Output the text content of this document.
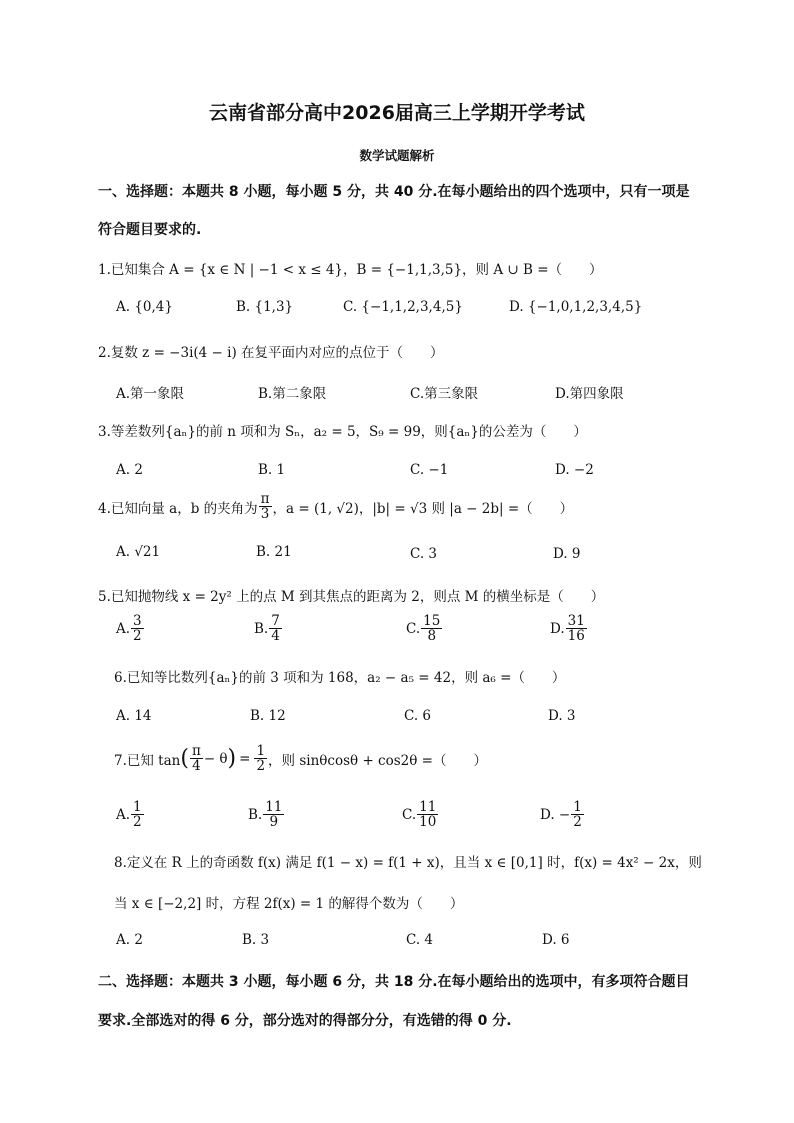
云南省部分高中2026届高三上学期开学考试
数学试题解析
一、选择题：本题共 8 小题，每小题 5 分，共 40 分.在每小题给出的四个选项中，只有一项是
符合题目要求的.
1.已知集合 A = {x ∈ N | −1 < x ≤ 4}，B = {−1,1,3,5}，则 A ∪ B =（　　）
A. {0,4}	B. {1,3}	C. {−1,1,2,3,4,5}	D. {−1,0,1,2,3,4,5}
2.复数 z = −3i(4 − i) 在复平面内对应的点位于（　　）
A.第一象限	B.第二象限	C.第三象限	D.第四象限
3.等差数列{aₙ}的前 n 项和为 Sₙ，a₂ = 5，S₉ = 99，则{aₙ}的公差为（　　）
A. 2	B. 1	C. −1	D. −2
4.已知向量 a，b 的夹角为 $\frac{\pi}{3}$ ，a = (1, √2)，|b| = √3 则 |a − 2b| =（　　）
A. √21	B. 21	C. 3	D. 9
5.已知抛物线 x = 2y² 上的点 M 到其焦点的距离为 2，则点 M 的横坐标是（　　）
A. $\frac{3}{2}$	B. $\frac{7}{4}$	C. $\frac{15}{8}$	D. $\frac{31}{16}$
6.已知等比数列{aₙ}的前 3 项和为 168，a₂ − a₅ = 42，则 a₆ =（　　）
A. 14	B. 12	C. 6	D. 3
7.已知 tan ( $\frac{\pi}{4} - \theta$ ) = $\frac{1}{2}$ ，则 sinθcosθ + cos2θ =（　　）
A. $\frac{1}{2}$	B. $\frac{11}{9}$	C. $\frac{11}{10}$	D. − $\frac{1}{2}$
8.定义在 R 上的奇函数 f(x) 满足 f(1 − x) = f(1 + x)，且当 x ∈ [0,1] 时，f(x) = 4x² − 2x，则
当 x ∈ [−2,2] 时，方程 2f(x) = 1 的解得个数为（　　）
A. 2	B. 3	C. 4	D. 6
二、选择题：本题共 3 小题，每小题 6 分，共 18 分.在每小题给出的选项中，有多项符合题目
要求.全部选对的得 6 分，部分选对的得部分分，有选错的得 0 分.
